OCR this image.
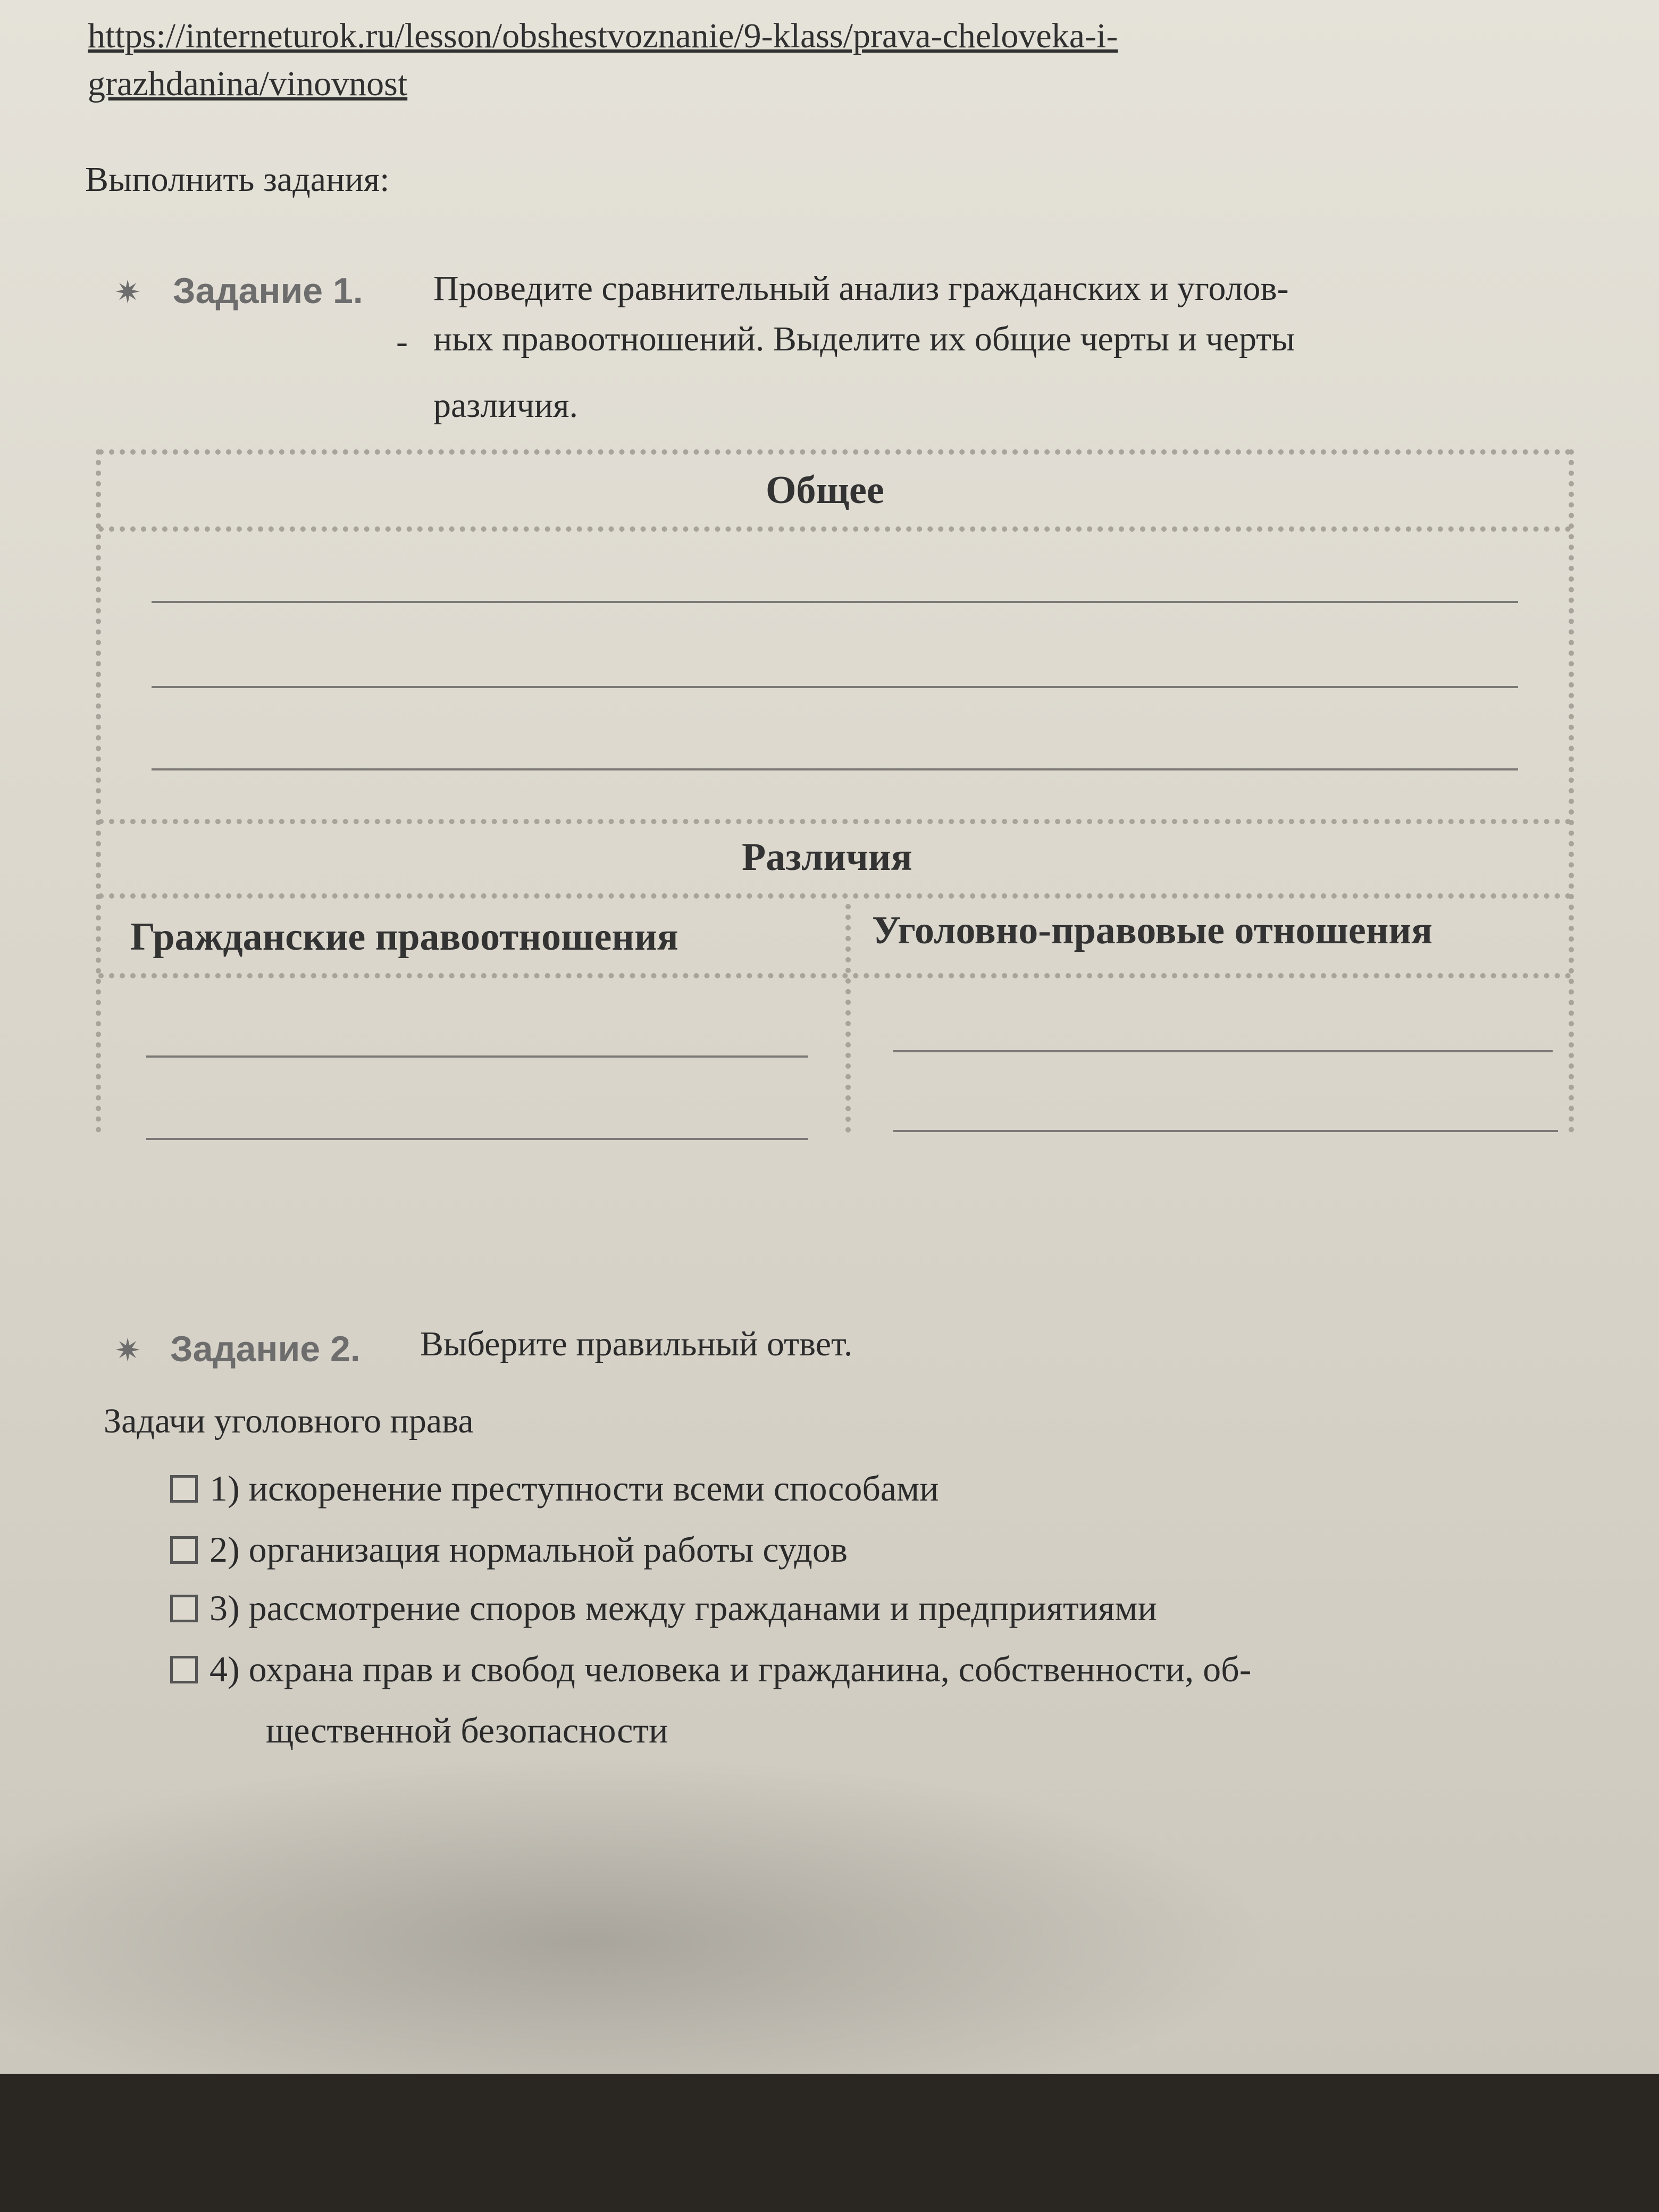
https://interneturok.ru/lesson/obshestvoznanie/9-klass/prava-cheloveka-i-
grazhdanina/vinovnost
Выполнить задания:
✷ Задание 1. Проведите сравнительный анализ гражданских и уголов-
- ных правоотношений. Выделите их общие черты и черты
различия.
Общее
Различия
Гражданские правоотношения	Уголовно-правовые отношения
✷ Задание 2. Выберите правильный ответ.
Задачи уголовного права
1) искоренение преступности всеми способами
2) организация нормальной работы судов
3) рассмотрение споров между гражданами и предприятиями
4) охрана прав и свобод человека и гражданина, собственности, об-
щественной безопасности
